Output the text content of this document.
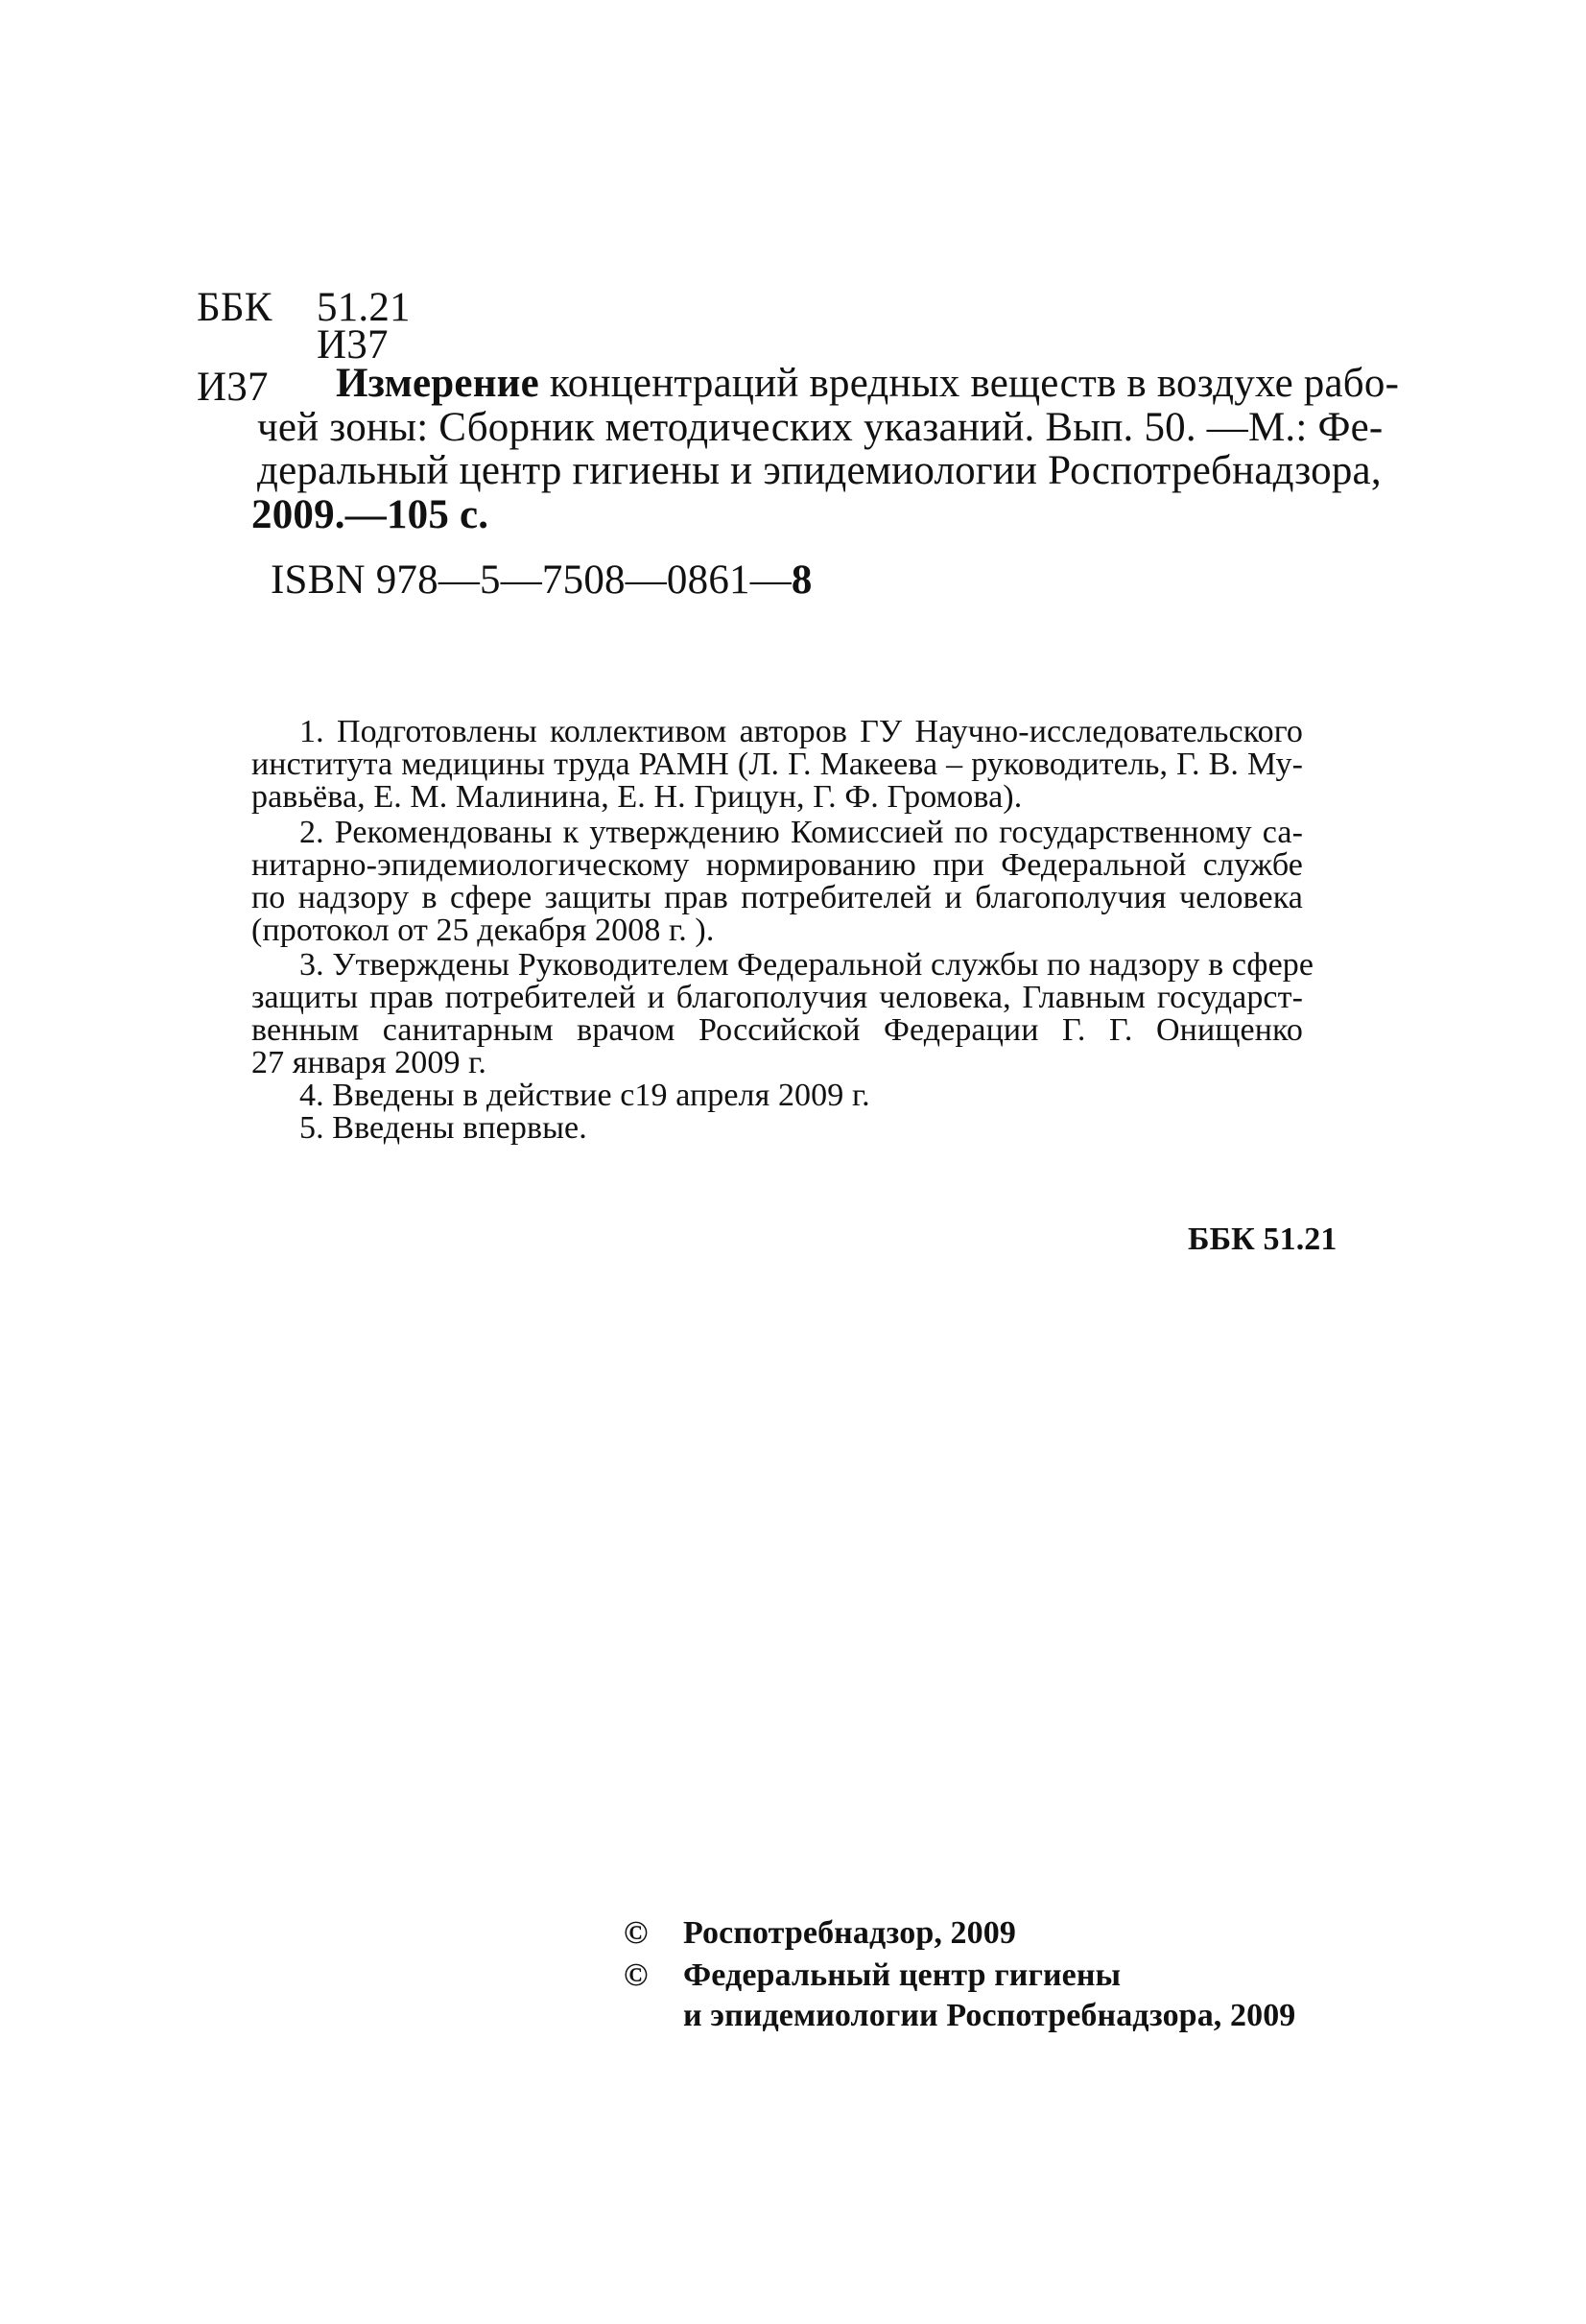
ББК 51.21
И37
И37 Измерение концентраций вредных веществ в воздухе рабо-
чей зоны: Сборник методических указаний. Вып. 50. —М.: Фе-
деральный центр гигиены и эпидемиологии Роспотребнадзора,
2009.—105 с.
ISBN 978—5—7508—0861—8
1. Подготовлены коллективом авторов ГУ Научно-исследовательского
института медицины труда РАМН (Л. Г. Макеева – руководитель, Г. В. Му-
равьёва, Е. М. Малинина, Е. Н. Грицун, Г. Ф. Громова).
2. Рекомендованы к утверждению Комиссией по государственному са-
нитарно-эпидемиологическому нормированию при Федеральной службе
по надзору в сфере защиты прав потребителей и благополучия человека
(протокол от 25 декабря 2008 г. ).
3. Утверждены Руководителем Федеральной службы по надзору в сфере
защиты прав потребителей и благополучия человека, Главным государст-
венным санитарным врачом Российской Федерации Г. Г. Онищенко
27 января 2009 г.
4. Введены в действие с19 апреля 2009 г.
5. Введены впервые.
ББК 51.21
© Роспотребнадзор, 2009
© Федеральный центр гигиены
и эпидемиологии Роспотребнадзора, 2009
